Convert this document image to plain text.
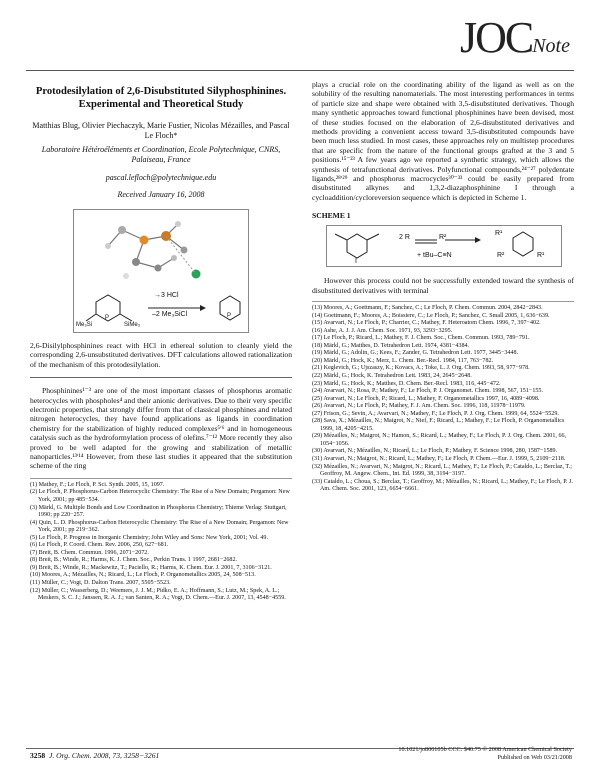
JOCNote
Protodesilylation of 2,6-Disubstituted Silyphosphinines. Experimental and Theoretical Study
Matthias Blug, Olivier Piechaczyk, Marie Fustier, Nicolas Mézailles, and Pascal Le Floch*
Laboratoire Hétéroéléments et Coordination, Ecole Polytechnique, CNRS, Palaiseau, France
pascal.lefloch@polytechnique.edu
Received January 16, 2008
→3 HCl
–2 Me₃SiCl
Me₃Si	SiMe₃
P	P
2,6-Disilylphosphinines react with HCl in ethereal solution to cleanly yield the corresponding 2,6-unsubstituted derivatives. DFT calculations allowed rationalization of the mechanism of this protodesilylation.
Phosphinines¹⁻³ are one of the most important classes of phosphorus aromatic heterocycles with phospholes⁴ and their anionic derivatives. Due to their very specific electronic properties, that strongly differ from that of classical phosphines and related nitrogen heterocycles, they have found applications as ligands in coordination chemistry for the stabilization of highly reduced complexes⁵ʹ⁶ and in homogeneous catalysis such as the hydroformylation process of olefins.⁷⁻¹² More recently they also proved to be well adapted for the growing and stabilization of metallic nanoparticles.¹³ʹ¹⁴ However, from these last studies it appeared that the substitution scheme of the ring
(1) Mathey, F.; Le Floch, P. Sci. Synth. 2005, 15, 1097.
(2) Le Floch, P. Phosphorus-Carbon Heterocyclic Chemistry: The Rise of a New Domain; Pergamon: New York, 2001; pp 485−534.
(3) Märkl, G. Multiple Bonds and Low Coordination in Phosphorus Chemistry; Thieme Verlag: Stuttgart, 1990; pp 220−257.
(4) Quin, L. D. Phosphorus-Carbon Heterocyclic Chemistry: The Rise of a New Domain; Pergamon: New York, 2001; pp 219−362.
(5) Le Floch, P. Progress in Inorganic Chemistry; John Wiley and Sons: New York, 2001; Vol. 49.
(6) Le Floch, P. Coord. Chem. Rev. 2006, 250, 627−681.
(7) Breit, B. Chem. Commun. 1996, 2071−2072.
(8) Breit, B.; Winde, R.; Harms, K. J. Chem. Soc., Perkin Trans. 1 1997, 2681−2682.
(9) Breit, B.; Winde, R.; Mackewitz, T.; Paciello, R.; Harms, K. Chem. Eur. J. 2001, 7, 3106−3121.
(10) Moores, A.; Mézailles, N.; Ricard, L.; Le Floch, P. Organometallics 2005, 24, 508−513.
(11) Müller, C.; Vogt, D. Dalton Trans. 2007, 5505−5523.
(12) Müller, C.; Wasserberg, D.; Weemers, J. J. M.; Pidko, E. A.; Hoffmann, S.; Lutz, M.; Spek, A. L.; Meskers, S. C. J.; Janssen, R. A. J.; van Santen, R. A.; Vogt, D. Chem.—Eur. J. 2007, 13, 4548−4559.
plays a crucial role on the coordinating ability of the ligand as well as on the solubility of the resulting nanomaterials. The most interesting performances in terms of particle size and shape were obtained with 3,5-disubstituted derivatives. Though many synthetic approaches toward functional phosphinines have been devised, most of these studies focused on the elaboration of 2,6-disubstituted derivatives and methods providing a convenient access toward 3,5-disubstituted compounds have been much less studied. In most cases, these approaches rely on multistep procedures that are specific from the nature of the functional groups grafted at the 3 and 5 positions.¹⁵⁻²³ A few years ago we reported a synthetic strategy, which allows the synthesis of tetrafunctional derivatives. Polyfunctional compounds,²⁴⁻²⁷ polydentate ligands,²⁸ʹ²⁹ and phosphorus macrocycles³⁰⁻³³ could be easily prepared from disubstituted alkynes and 1,3,2-diazaphosphinine I through a cycloaddition/cycloreversion sequence which is depicted in Scheme 1.
SCHEME 1
2 R
+ tBu–C≡N
I
R²
R¹
R²	R¹
However this process could not be successfully extended toward the synthesis of disubstituted derivatives with terminal
(13) Moores, A.; Goettmann, F.; Sanchez, C.; Le Floch, P. Chem. Commun. 2004, 2842−2843.
(14) Goettmann, F.; Moores, A.; Boissiere, C.; Le Floch, P.; Sanchez, C. Small 2005, 1, 636−639.
(15) Avarvari, N.; Le Floch, P.; Charrier, C.; Mathey, F. Heteroatom Chem. 1996, 7, 397−402.
(16) Ashe, A. J. J. Am. Chem. Soc. 1971, 93, 3293−3295.
(17) Le Floch, P.; Ricard, L.; Mathey, F. J. Chem. Soc., Chem. Commun. 1993, 789−791.
(18) Märkl, G.; Matthes, D. Tetrahedron Lett. 1974, 4381−4384.
(19) Märkl, G.; Adolin, G.; Kees, F.; Zander, G. Tetrahedron Lett. 1977, 3445−3448.
(20) Märkl, G.; Hock, K.; Merz, L. Chem. Ber.-Recl. 1984, 117, 763−782.
(21) Keglevich, G.; Ujszaszy, K.; Kovacs, A.; Toke, L. J. Org. Chem. 1993, 58, 977−978.
(22) Märkl, G.; Hock, K. Tetrahedron Lett. 1983, 24, 2645−2648.
(23) Märkl, G.; Hock, K.; Matthes, D. Chem. Ber.-Recl. 1983, 116, 445−472.
(24) Avarvari, N.; Rosa, P.; Mathey, F.; Le Floch, P. J. Organomet. Chem. 1998, 567, 151−155.
(25) Avarvari, N.; Le Floch, P.; Ricard, L.; Mathey, F. Organometallics 1997, 16, 4089−4098.
(26) Avarvari, N.; Le Floch, P.; Mathey, F. J. Am. Chem. Soc. 1996, 118, 11978−11979.
(27) Frison, G.; Sevin, A.; Avarvari, N.; Mathey, F.; Le Floch, P. J. Org. Chem. 1999, 64, 5524−5529.
(28) Sava, X.; Mézailles, N.; Maigrot, N.; Nief, F.; Ricard, L.; Mathey, F.; Le Floch, P. Organometallics 1999, 18, 4205−4215.
(29) Mézailles, N.; Maigrot, N.; Hamon, S.; Ricard, L.; Mathey, F.; Le Floch, P. J. Org. Chem. 2001, 66, 1054−1056.
(30) Avarvari, N.; Mézailles, N.; Ricard, L.; Le Floch, P.; Mathey, F. Science 1998, 280, 1587−1589.
(31) Avarvari, N.; Maigrot, N.; Ricard, L.; Mathey, F.; Le Floch, P. Chem.—Eur. J. 1999, 5, 2109−2118.
(32) Mézailles, N.; Avarvari, N.; Maigrot, N.; Ricard, L.; Mathey, F.; Le Floch, P.; Cataldo, L.; Berclaz, T.; Geoffroy, M. Angew. Chem., Int. Ed. 1999, 38, 3194−3197.
(33) Cataldo, L.; Choua, S.; Berclaz, T.; Geoffroy, M.; Mézailles, N.; Ricard, L.; Mathey, F.; Le Floch, P. J. Am. Chem. Soc. 2001, 123, 6654−6661.
3258 J. Org. Chem. 2008, 73, 3258−3261
10.1021/jo800105b CCC: $40.75 © 2008 American Chemical Society
Published on Web 03/21/2008
